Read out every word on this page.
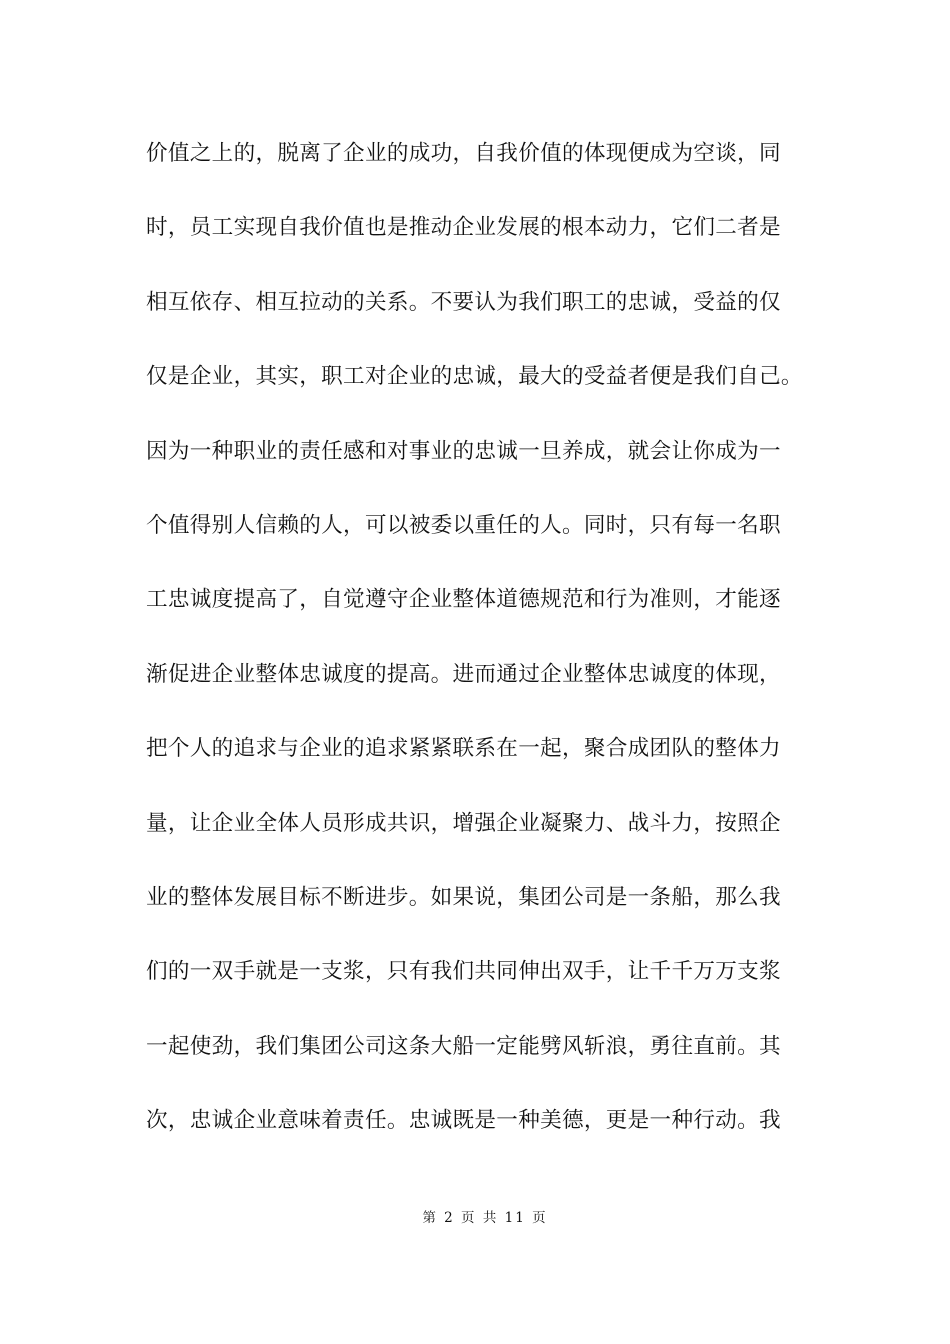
价值之上的，脱离了企业的成功，自我价值的体现便成为空谈，同
时，员工实现自我价值也是推动企业发展的根本动力，它们二者是
相互依存、相互拉动的关系。不要认为我们职工的忠诚，受益的仅
仅是企业，其实，职工对企业的忠诚，最大的受益者便是我们自己。
因为一种职业的责任感和对事业的忠诚一旦养成，就会让你成为一
个值得别人信赖的人，可以被委以重任的人。同时，只有每一名职
工忠诚度提高了，自觉遵守企业整体道德规范和行为准则，才能逐
渐促进企业整体忠诚度的提高。进而通过企业整体忠诚度的体现，
把个人的追求与企业的追求紧紧联系在一起，聚合成团队的整体力
量，让企业全体人员形成共识，增强企业凝聚力、战斗力，按照企
业的整体发展目标不断进步。如果说，集团公司是一条船，那么我
们的一双手就是一支浆，只有我们共同伸出双手，让千千万万支浆
一起使劲，我们集团公司这条大船一定能劈风斩浪，勇往直前。其
次，忠诚企业意味着责任。忠诚既是一种美德，更是一种行动。我
第 2 页 共 11 页
